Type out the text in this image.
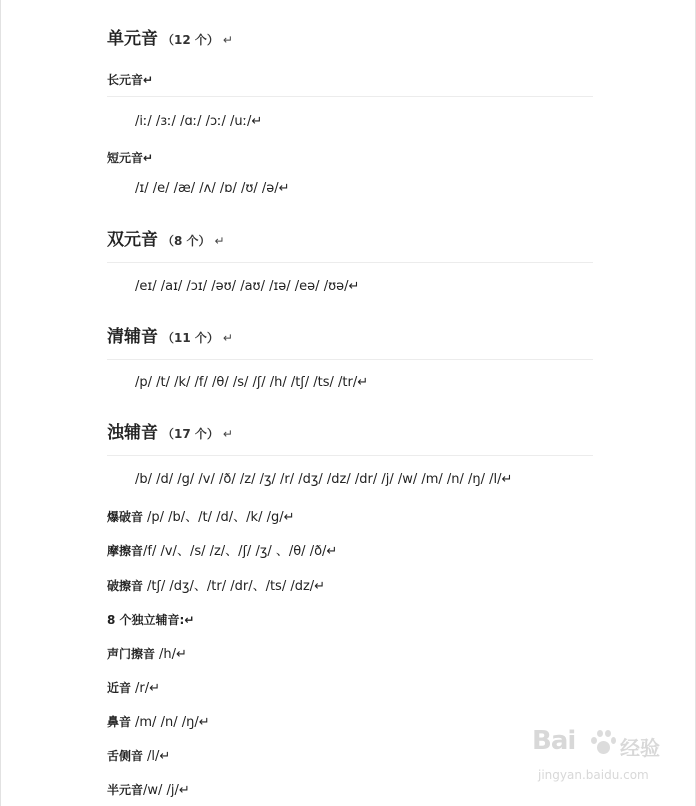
单元音 （12 个） ↵
长元音↵
/iː/ /ɜː/ /ɑː/ /ɔː/ /uː/↵
短元音↵
/ɪ/ /e/ /æ/ /ʌ/ /ɒ/ /ʊ/ /ə/↵
双元音 （8 个） ↵
/eɪ/ /aɪ/ /ɔɪ/ /əʊ/ /aʊ/ /ɪə/ /eə/ /ʊə/↵
清辅音 （11 个） ↵
/p/ /t/ /k/ /f/ /θ/ /s/ /ʃ/ /h/ /tʃ/ /ts/ /tr/↵
浊辅音 （17 个） ↵
/b/ /d/ /g/ /v/ /ð/ /z/ /ʒ/ /r/ /dʒ/ /dz/ /dr/ /j/ /w/ /m/ /n/ /ŋ/ /l/↵
爆破音 /p/ /b/、/t/ /d/、/k/ /g/↵
摩擦音/f/ /v/、/s/ /z/、/ʃ/ /ʒ/ 、/θ/ /ð/↵
破擦音 /tʃ/ /dʒ/、/tr/ /dr/、/ts/ /dz/↵
8 个独立辅音:↵
声门擦音 /h/↵
近音 /r/↵
鼻音 /m/ /n/ /ŋ/↵
舌侧音 /l/↵
半元音/w/ /j/↵
Bai 经验
jingyan.baidu.com
